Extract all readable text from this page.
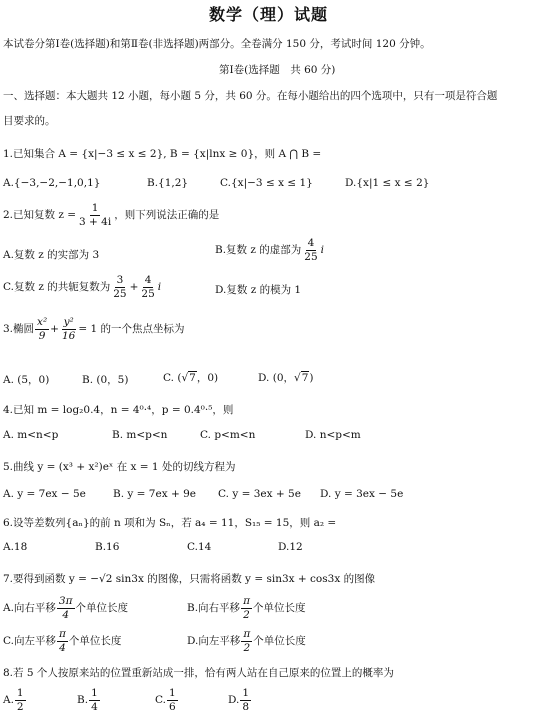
数学（理）试题
本试卷分第Ⅰ卷(选择题)和第Ⅱ卷(非选择题)两部分。全卷满分 150 分，考试时间 120 分钟。
第Ⅰ卷(选择题　共 60 分)
一、选择题：本大题共 12 小题，每小题 5 分，共 60 分。在每小题给出的四个选项中，只有一项是符合题
目要求的。
1.已知集合 A = {x|−3 ≤ x ≤ 2}, B = {x|lnx ≥ 0}，则 A ⋂ B =
A.{−3,−2,−1,0,1}	B.{1,2}	C.{x|−3 ≤ x ≤ 1}	D.{x|1 ≤ x ≤ 2}
2.已知复数 $z = \frac{1}{3 + 4i}$ ，则下列说法正确的是
A.复数 z 的实部为 3	B.复数 z 的虚部为 $\frac{4}{25}$ i
C.复数 z 的共轭复数为 $\frac{3}{25} + \frac{4}{25}$ i	D.复数 z 的模为 1
3.椭圆 $\frac{\text{x²}}{9} + \frac{\text{y²}}{16} = 1$ 的一个焦点坐标为
A. (5，0)	B. (0，5)	C. (√7，0)	D. (0，√7)
4.已知 m = log₂0.4，n = 4⁰·⁴，p = 0.4⁰·⁵，则
A. m<n<p	B. m<p<n	C. p<m<n	D. n<p<m
5.曲线 y = (x³ + x²)eˣ 在 x = 1 处的切线方程为
A. y = 7ex − 5e	B. y = 7ex + 9e C. y = 3ex + 5e D. y = 3ex − 5e
6.设等差数列{aₙ}的前 n 项和为 Sₙ，若 a₄ = 11，S₁₅ = 15，则 a₂ =
A.18	B.16	C.14	D.12
7.要得到函数 y = −√2 sin3x 的图像，只需将函数 y = sin3x + cos3x 的图像
A.向右平移 $\frac{3\pi}{4}$ 个单位长度	B.向右平移 $\frac{\pi}{2}$ 个单位长度
C.向左平移 $\frac{\pi}{4}$ 个单位长度	D.向左平移 $\frac{\pi}{2}$ 个单位长度
8.若 5 个人按原来站的位置重新站成一排，恰有两人站在自己原来的位置上的概率为
A. $\frac{1}{2}$	B. $\frac{1}{4}$	C. $\frac{1}{6}$	D. $\frac{1}{8}$
